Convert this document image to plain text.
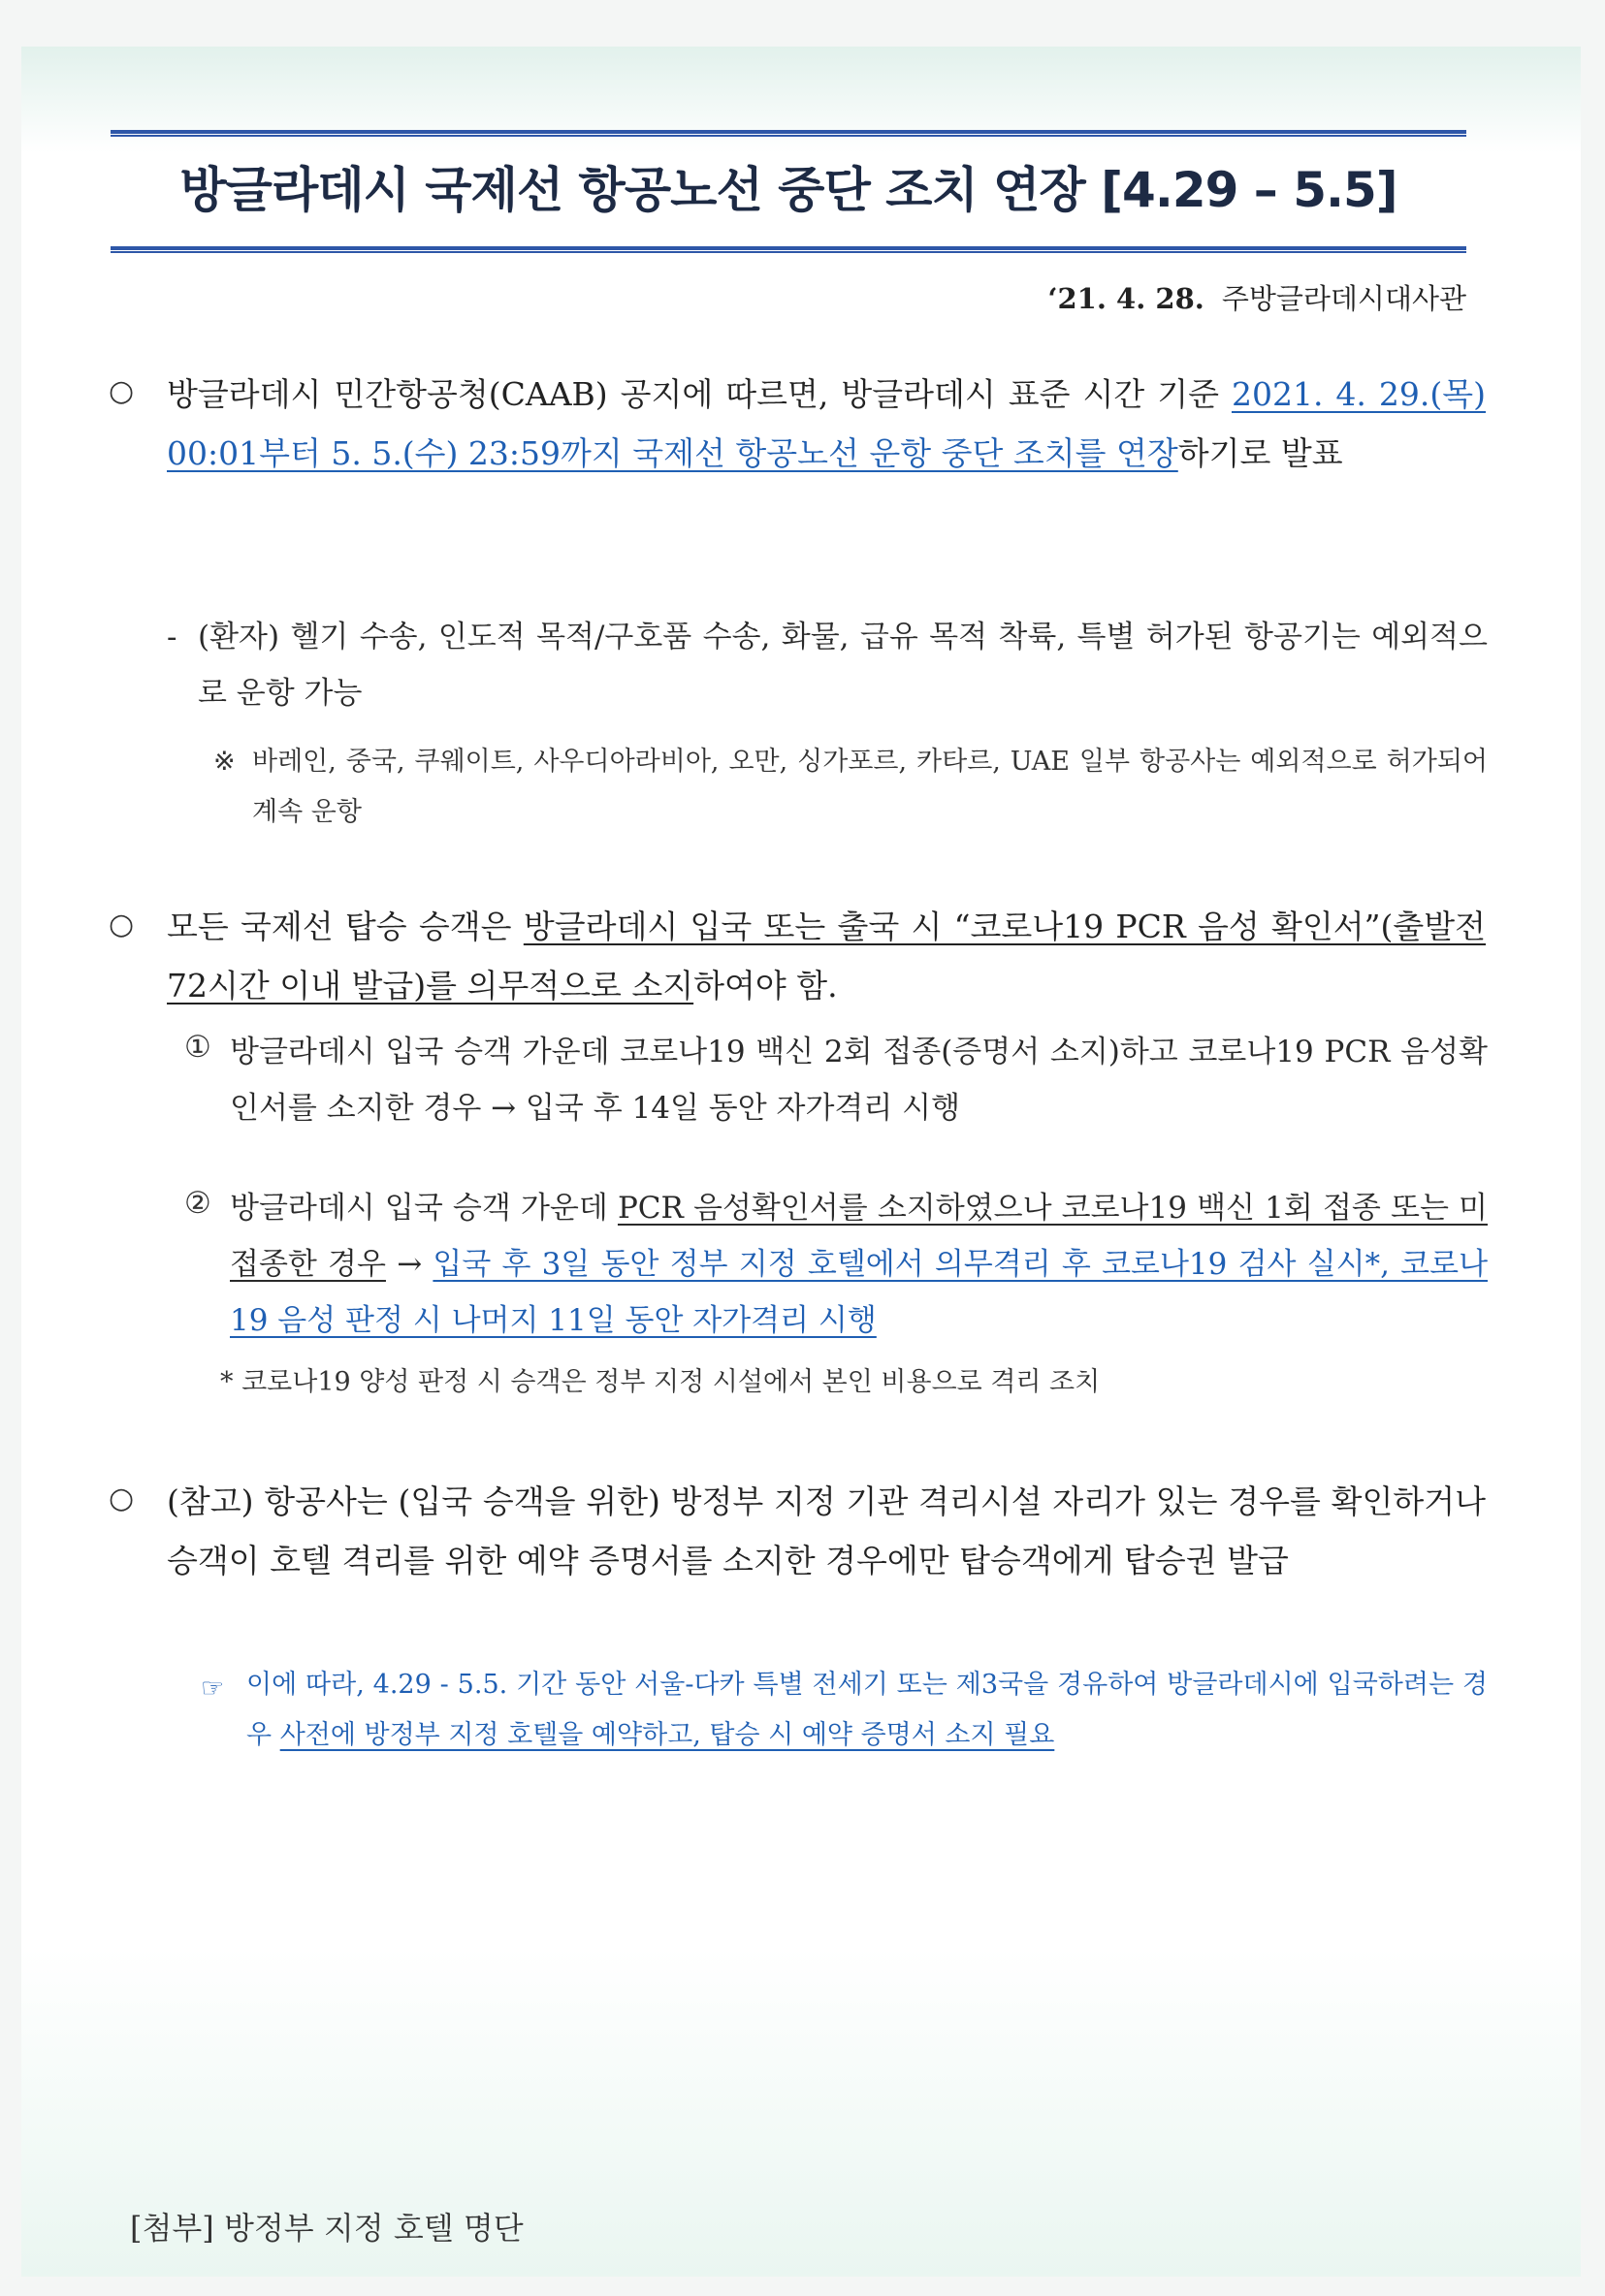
방글라데시 국제선 항공노선 중단 조치 연장 [4.29 – 5.5]
‘21. 4. 28. 주방글라데시대사관
○ 방글라데시 민간항공청(CAAB) 공지에 따르면, 방글라데시 표준 시간 기준 2021. 4. 29.(목) 00:01부터 5. 5.(수) 23:59까지 국제선 항공노선 운항 중단 조치를 연장하기로 발표
- (환자) 헬기 수송, 인도적 목적/구호품 수송, 화물, 급유 목적 착륙, 특별 허가된 항공기는 예외적으로 운항 가능
※ 바레인, 중국, 쿠웨이트, 사우디아라비아, 오만, 싱가포르, 카타르, UAE 일부 항공사는 예외적으로 허가되어 계속 운항
○ 모든 국제선 탑승 승객은 방글라데시 입국 또는 출국 시 “코로나19 PCR 음성 확인서”(출발전 72시간 이내 발급)를 의무적으로 소지하여야 함.
① 방글라데시 입국 승객 가운데 코로나19 백신 2회 접종(증명서 소지)하고 코로나19 PCR 음성확인서를 소지한 경우 → 입국 후 14일 동안 자가격리 시행
② 방글라데시 입국 승객 가운데 PCR 음성확인서를 소지하였으나 코로나19 백신 1회 접종 또는 미접종한 경우 → 입국 후 3일 동안 정부 지정 호텔에서 의무격리 후 코로나19 검사 실시*, 코로나19 음성 판정 시 나머지 11일 동안 자가격리 시행
* 코로나19 양성 판정 시 승객은 정부 지정 시설에서 본인 비용으로 격리 조치
○ (참고) 항공사는 (입국 승객을 위한) 방정부 지정 기관 격리시설 자리가 있는 경우를 확인하거나 승객이 호텔 격리를 위한 예약 증명서를 소지한 경우에만 탑승객에게 탑승권 발급
☞ 이에 따라, 4.29 - 5.5. 기간 동안 서울-다카 특별 전세기 또는 제3국을 경유하여 방글라데시에 입국하려는 경우 사전에 방정부 지정 호텔을 예약하고, 탑승 시 예약 증명서 소지 필요
[첨부] 방정부 지정 호텔 명단
